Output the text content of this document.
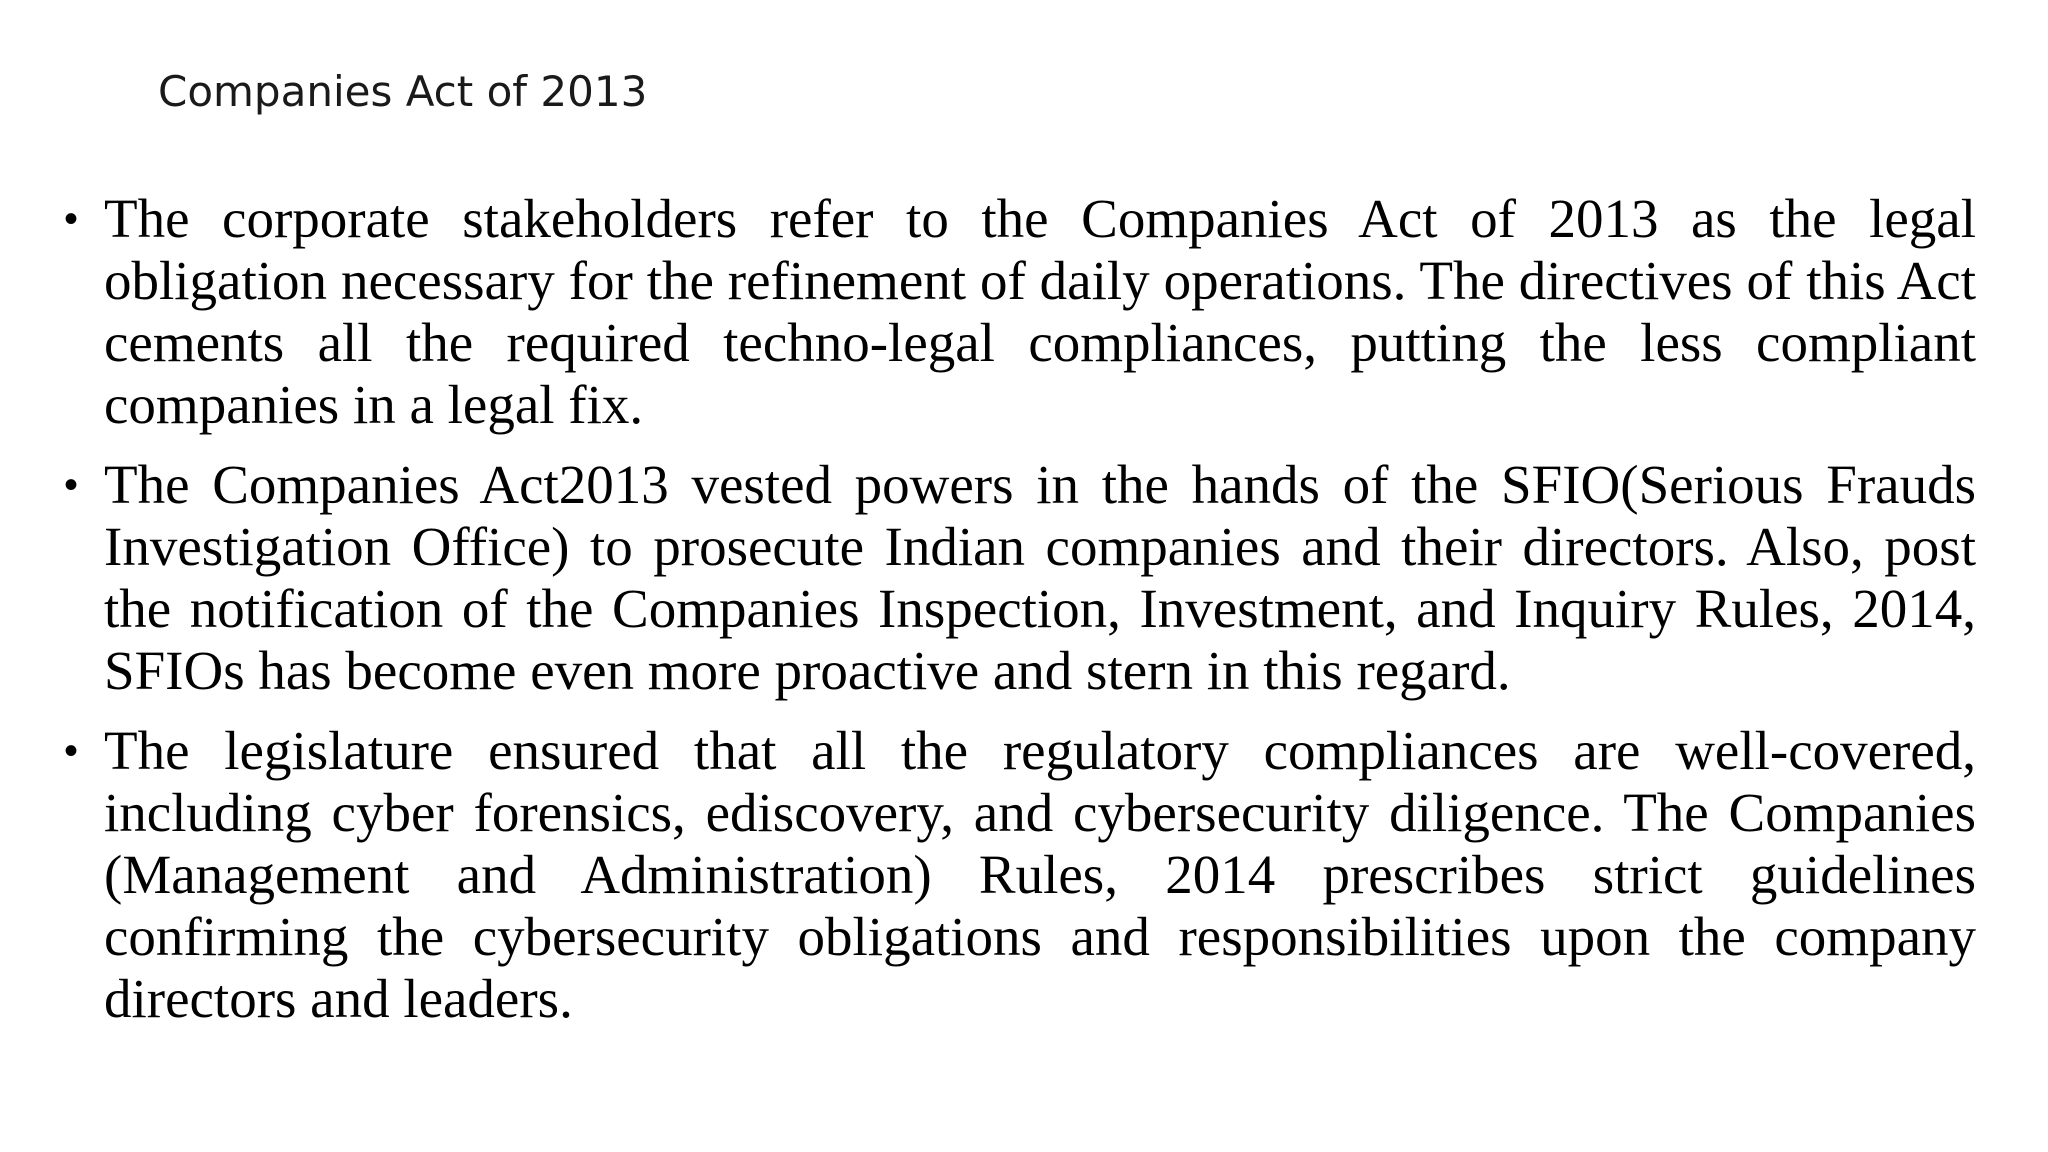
Companies Act of 2013
• The corporate stakeholders refer to the Companies Act of 2013 as the legal obligation necessary for the refinement of daily operations. The directives of this Act cements all the required techno-legal compliances, putting the less compliant companies in a legal fix.
• The Companies Act2013 vested powers in the hands of the SFIO(Serious Frauds Investigation Office) to prosecute Indian companies and their directors. Also, post the notification of the Companies Inspection, Investment, and Inquiry Rules, 2014, SFIOs has become even more proactive and stern in this regard.
• The legislature ensured that all the regulatory compliances are well-covered, including cyber forensics, ediscovery, and cybersecurity diligence. The Companies (Management and Administration) Rules, 2014 prescribes strict guidelines confirming the cybersecurity obligations and responsibilities upon the company directors and leaders.
